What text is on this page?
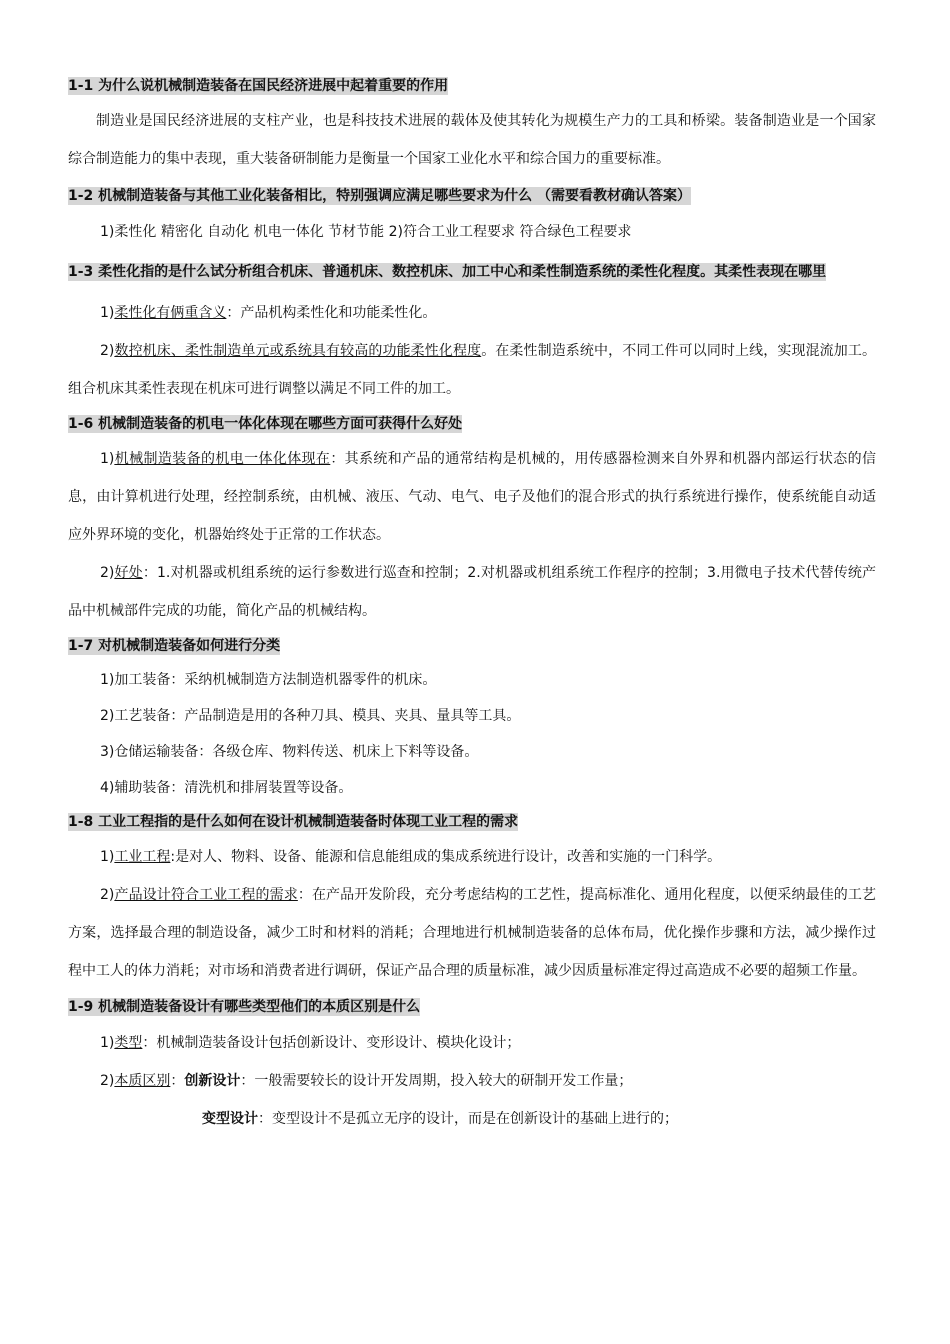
1-1 为什么说机械制造装备在国民经济进展中起着重要的作用

制造业是国民经济进展的支柱产业，也是科技技术进展的载体及使其转化为规模生产力的工具和桥梁。装备制造业是一个国家综合制造能力的集中表现，重大装备研制能力是衡量一个国家工业化水平和综合国力的重要标准。

1-2 机械制造装备与其他工业化装备相比，特别强调应满足哪些要求为什么 （需要看教材确认答案）

1)柔性化 精密化 自动化 机电一体化 节材节能 2)符合工业工程要求 符合绿色工程要求

1-3 柔性化指的是什么试分析组合机床、普通机床、数控机床、加工中心和柔性制造系统的柔性化程度。其柔性表现在哪里

1)柔性化有俩重含义：产品机构柔性化和功能柔性化。

2)数控机床、柔性制造单元或系统具有较高的功能柔性化程度。在柔性制造系统中，不同工件可以同时上线，实现混流加工。组合机床其柔性表现在机床可进行调整以满足不同工件的加工。

1-6 机械制造装备的机电一体化体现在哪些方面可获得什么好处

1)机械制造装备的机电一体化体现在：其系统和产品的通常结构是机械的，用传感器检测来自外界和机器内部运行状态的信息，由计算机进行处理，经控制系统，由机械、液压、气动、电气、电子及他们的混合形式的执行系统进行操作，使系统能自动适应外界环境的变化，机器始终处于正常的工作状态。

2)好处：1.对机器或机组系统的运行参数进行巡查和控制；2.对机器或机组系统工作程序的控制；3.用微电子技术代替传统产品中机械部件完成的功能，简化产品的机械结构。

1-7 对机械制造装备如何进行分类

1)加工装备：采纳机械制造方法制造机器零件的机床。

2)工艺装备：产品制造是用的各种刀具、模具、夹具、量具等工具。

3)仓储运输装备：各级仓库、物料传送、机床上下料等设备。

4)辅助装备：清洗机和排屑装置等设备。

1-8 工业工程指的是什么如何在设计机械制造装备时体现工业工程的需求

1)工业工程:是对人、物料、设备、能源和信息能组成的集成系统进行设计，改善和实施的一门科学。

2)产品设计符合工业工程的需求：在产品开发阶段，充分考虑结构的工艺性，提高标准化、通用化程度，以便采纳最佳的工艺方案，选择最合理的制造设备，减少工时和材料的消耗；合理地进行机械制造装备的总体布局，优化操作步骤和方法，减少操作过程中工人的体力消耗；对市场和消费者进行调研，保证产品合理的质量标准，减少因质量标准定得过高造成不必要的超频工作量。

1-9 机械制造装备设计有哪些类型他们的本质区别是什么

1)类型：机械制造装备设计包括创新设计、变形设计、模块化设计；

2)本质区别：创新设计：一般需要较长的设计开发周期，投入较大的研制开发工作量；

变型设计：变型设计不是孤立无序的设计，而是在创新设计的基础上进行的；
